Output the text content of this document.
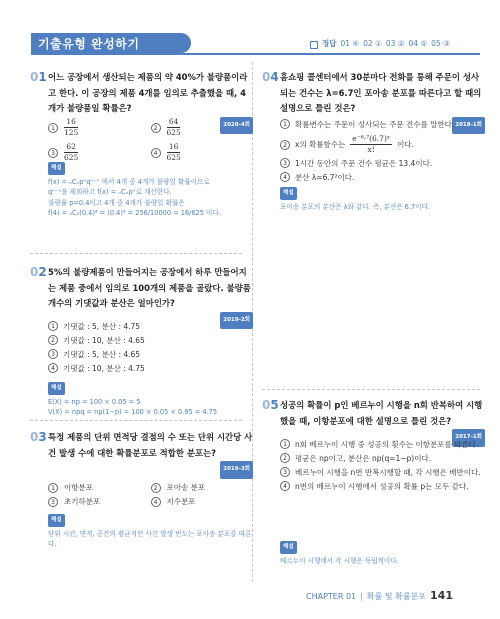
기출유형 완성하기	정답 01 ④ 02 ① 03 ② 04 ⑤ 05 ③
01 어느 공장에서 생산되는 제품의 약 40%가 불량품이라고 한다. 이 공장의 제품 4개를 임의로 추출했을 때, 4개가 불량품일 확률은?
2020-4회
1	$\frac{16}{125}$	2	$\frac{64}{625}$
3	$\frac{62}{625}$	4	$\frac{16}{625}$
해설
f(x) = ₙCₓpˣqⁿ⁻ˣ 에서 4개 중 4개가 불량일 확률이므로
qⁿ⁻ˣ을 제외하고 f(x) = ₙCₓpˣ로 계산한다.
불량률 p=0.4이고 4개 중 4개가 불량일 확률은
f(4) = ₄C₄(0.4)⁴ = (0.4)⁴ = 256/10000 = 16/625 이다.
02 5%의 불량제품이 만들어지는 공장에서 하루 만들어지는 제품 중에서 임의로 100개의 제품을 골랐다. 불량품 개수의 기댓값과 분산은 얼마인가?
2019-2회
1	기댓값 : 5, 분산 : 4.75
2	기댓값 : 10, 분산 : 4.65
3	기댓값 : 5, 분산 : 4.65
4	기댓값 : 10, 분산 : 4.75
해설
E(X) = np = 100 × 0.05 = 5
V(X) = npq = np(1−p) = 100 × 0.05 × 0.95 = 4.75
03 특정 제품의 단위 면적당 결점의 수 또는 단위 시간당 사건 발생 수에 대한 확률분포로 적합한 분포는?
2019-3회
1	이항분포	2	포아송 분포
3	초기하분포	4	지수분포
해설
단위 시간, 면적, 공간의 평균적인 사건 발생 빈도는 포아송 분포를 따른다.
04 홈쇼핑 콜센터에서 30분마다 전화를 통해 주문이 성사되는 건수는 λ=6.7인 포아송 분포를 따른다고 할 때의 설명으로 틀린 것은?
2018-1회
1	확률변수는 주문이 성사되는 주문 건수를 말한다.
2	x의 확률함수는 $\frac{\text{e⁻⁶·⁷(6.7)ˣ}}{x!}$ 이다.
3	1시간 동안의 주문 건수 평균은 13.4이다.
4	분산 λ=6.7²이다.
해설
포아송 분포의 분산은 λ와 같다. 즉, 분산은 6.7이다.
05 성공의 확률이 p인 베르누이 시행을 n회 반복하여 시행했을 때, 이항분포에 대한 설명으로 틀린 것은?
2017-1회
1	n회 베르누이 시행 중 성공의 횟수는 이항분포를 따른다.
2	평균은 np이고, 분산은 np(q=1−p)이다.
3	베르누이 시행을 n번 반복시행할 때, 각 시행은 배반이다.
4	n번의 베르누이 시행에서 성공의 확률 p는 모두 같다.
해설
베르누이 시행에서 각 시행은 독립적이다.
CHAPTER 01 | 확률 및 확률분포 141
